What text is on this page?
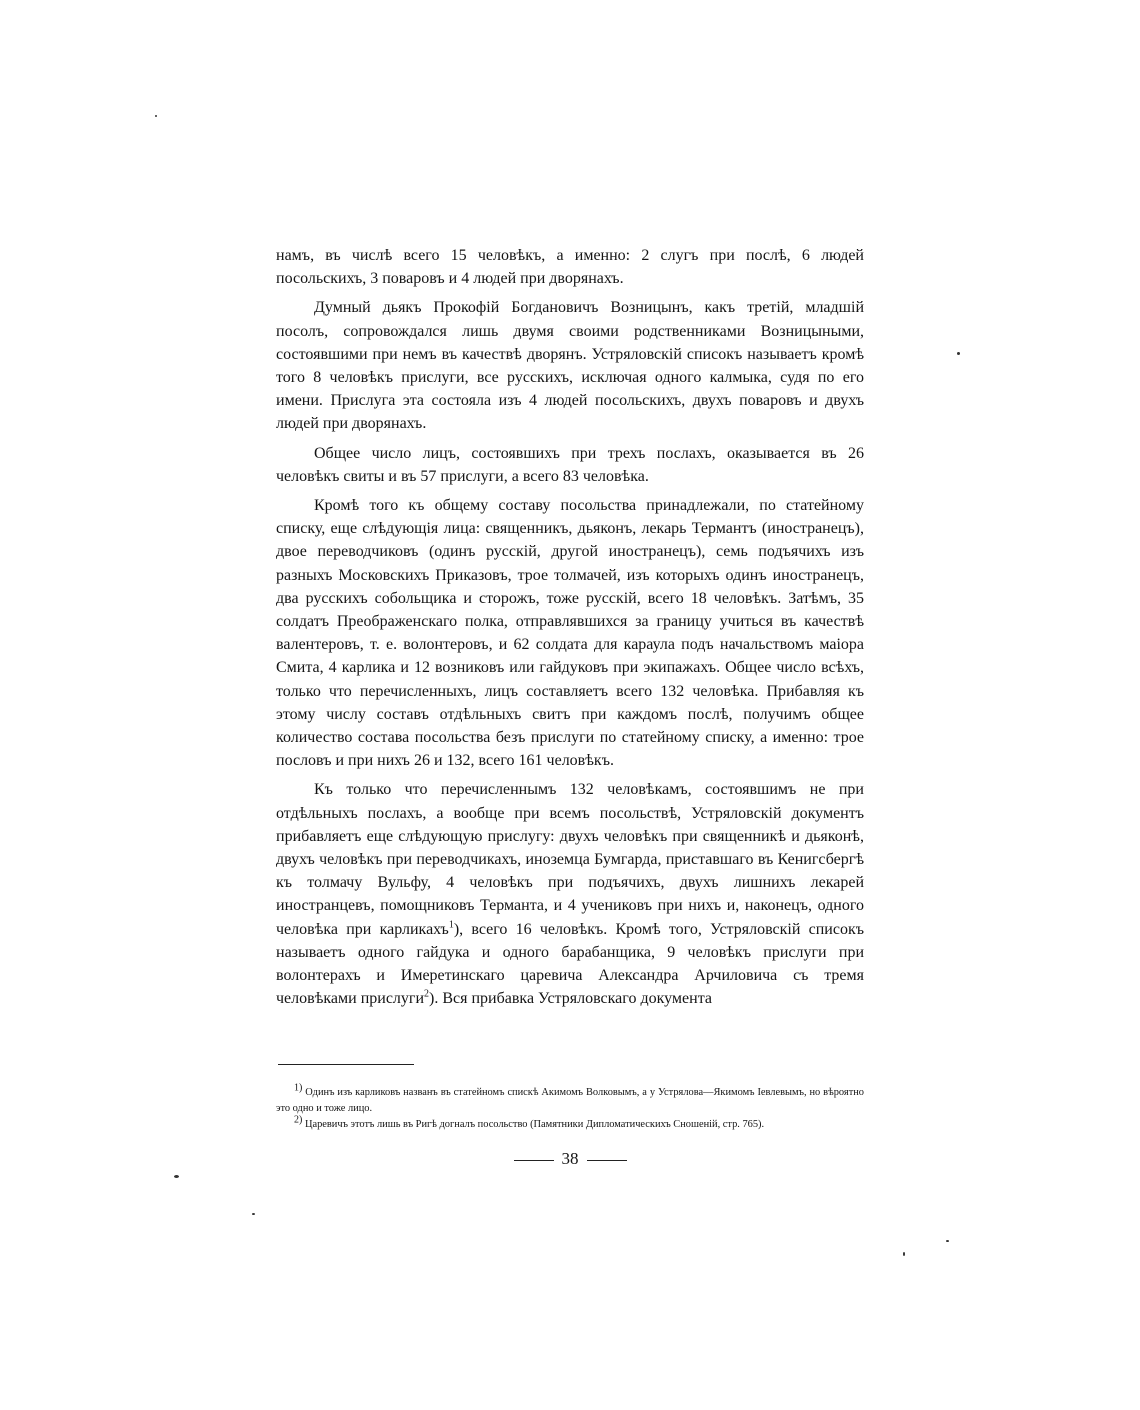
намъ, въ числѣ всего 15 человѣкъ, а именно: 2 слугъ при послѣ, 6 людей посольскихъ, 3 поваровъ и 4 людей при дворянахъ.

Думный дьякъ Прокофій Богдановичъ Возницынъ, какъ третій, младшій посолъ, сопровождался лишь двумя своими родственниками Возницыными, состоявшими при немъ въ качествѣ дворянъ. Устряловскій списокъ называетъ кромѣ того 8 человѣкъ прислуги, все русскихъ, исключая одного калмыка, судя по его имени. Прислуга эта состояла изъ 4 людей посольскихъ, двухъ поваровъ и двухъ людей при дворянахъ.

Общее число лицъ, состоявшихъ при трехъ послахъ, оказывается въ 26 человѣкъ свиты и въ 57 прислуги, а всего 83 человѣка.

Кромѣ того къ общему составу посольства принадлежали, по статейному списку, еще слѣдующія лица: священникъ, дьяконъ, лекарь Термантъ (иностранецъ), двое переводчиковъ (одинъ русскій, другой иностранецъ), семь подъячихъ изъ разныхъ Московскихъ Приказовъ, трое толмачей, изъ которыхъ одинъ иностранецъ, два русскихъ собольщика и сторожъ, тоже русскій, всего 18 человѣкъ. Затѣмъ, 35 солдатъ Преображенскаго полка, отправлявшихся за границу учиться въ качествѣ валентеровъ, т. е. волонтеровъ, и 62 солдата для караула подъ начальствомъ маіора Смита, 4 карлика и 12 возниковъ или гайдуковъ при экипажахъ. Общее число всѣхъ, только что перечисленныхъ, лицъ составляетъ всего 132 человѣка. Прибавляя къ этому числу составъ отдѣльныхъ свитъ при каждомъ послѣ, получимъ общее количество состава посольства безъ прислуги по статейному списку, а именно: трое пословъ и при нихъ 26 и 132, всего 161 человѣкъ.

Къ только что перечисленнымъ 132 человѣкамъ, состоявшимъ не при отдѣльныхъ послахъ, а вообще при всемъ посольствѣ, Устряловскій документъ прибавляетъ еще слѣдующую прислугу: двухъ человѣкъ при священникѣ и дьяконѣ, двухъ человѣкъ при переводчикахъ, иноземца Бумгарда, приставшаго въ Кенигсбергѣ къ толмачу Вульфу, 4 человѣкъ при подъячихъ, двухъ лишнихъ лекарей иностранцевъ, помощниковъ Терманта, и 4 учениковъ при нихъ и, наконецъ, одного человѣка при карликахъ$^1$), всего 16 человѣкъ. Кромѣ того, Устряловскій списокъ называетъ одного гайдука и одного барабанщика, 9 человѣкъ прислуги при волонтерахъ и Имеретинскаго царевича Александра Арчиловича съ тремя человѣками прислуги$^2$). Вся прибавка Устряловскаго документа

$^{1)}$ Одинъ изъ карликовъ названъ въ статейномъ спискѣ Акимомъ Волковымъ, а у Устрялова—Якимомъ Іевлевымъ, но вѣроятно это одно и тоже лицо.

$^{2)}$ Царевичъ этотъ лишь въ Ригѣ догналъ посольство (Памятники Дипломатическихъ Сношеній, стр. 765).

38
